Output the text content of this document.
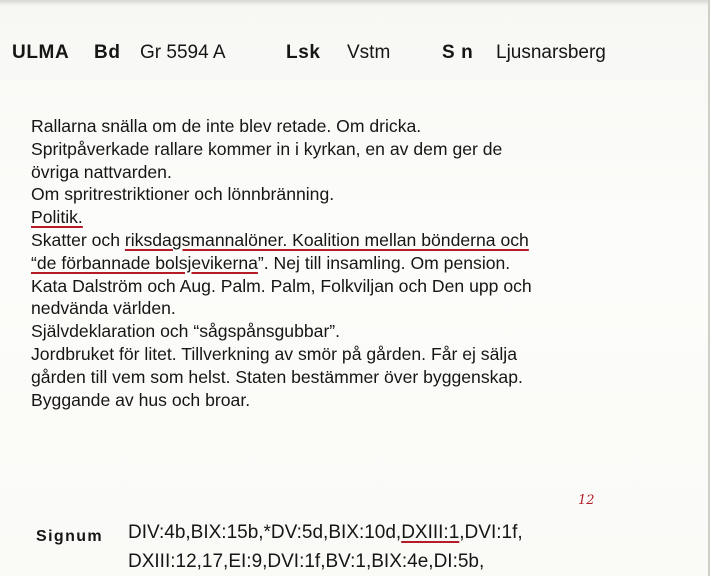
ULMA Bd Gr 5594 A	Lsk Vstm	S n Ljusnarsberg
Rallarna snälla om de inte blev retade. Om dricka.
Spritpåverkade rallare kommer in i kyrkan, en av dem ger de
övriga nattvarden.
Om spritrestriktioner och lönnbränning.
Politik.
Skatter och riksdagsmannalöner. Koalition mellan bönderna och
“de förbannade bolsjevikerna”. Nej till insamling. Om pension.
Kata Dalström och Aug. Palm. Palm, Folkviljan och Den upp och
nedvända världen.
Självdeklaration och “sågspånsgubbar”.
Jordbruket för litet. Tillverkning av smör på gården. Får ej sälja
gården till vem som helst. Staten bestämmer över byggenskap.
Byggande av hus och broar.
12
Signum DIV:4b,BIX:15b,*DV:5d,BIX:10d,DXIII:1,DVI:1f,
DXIII:12,17,EI:9,DVI:1f,BV:1,BIX:4e,DI:5b,
